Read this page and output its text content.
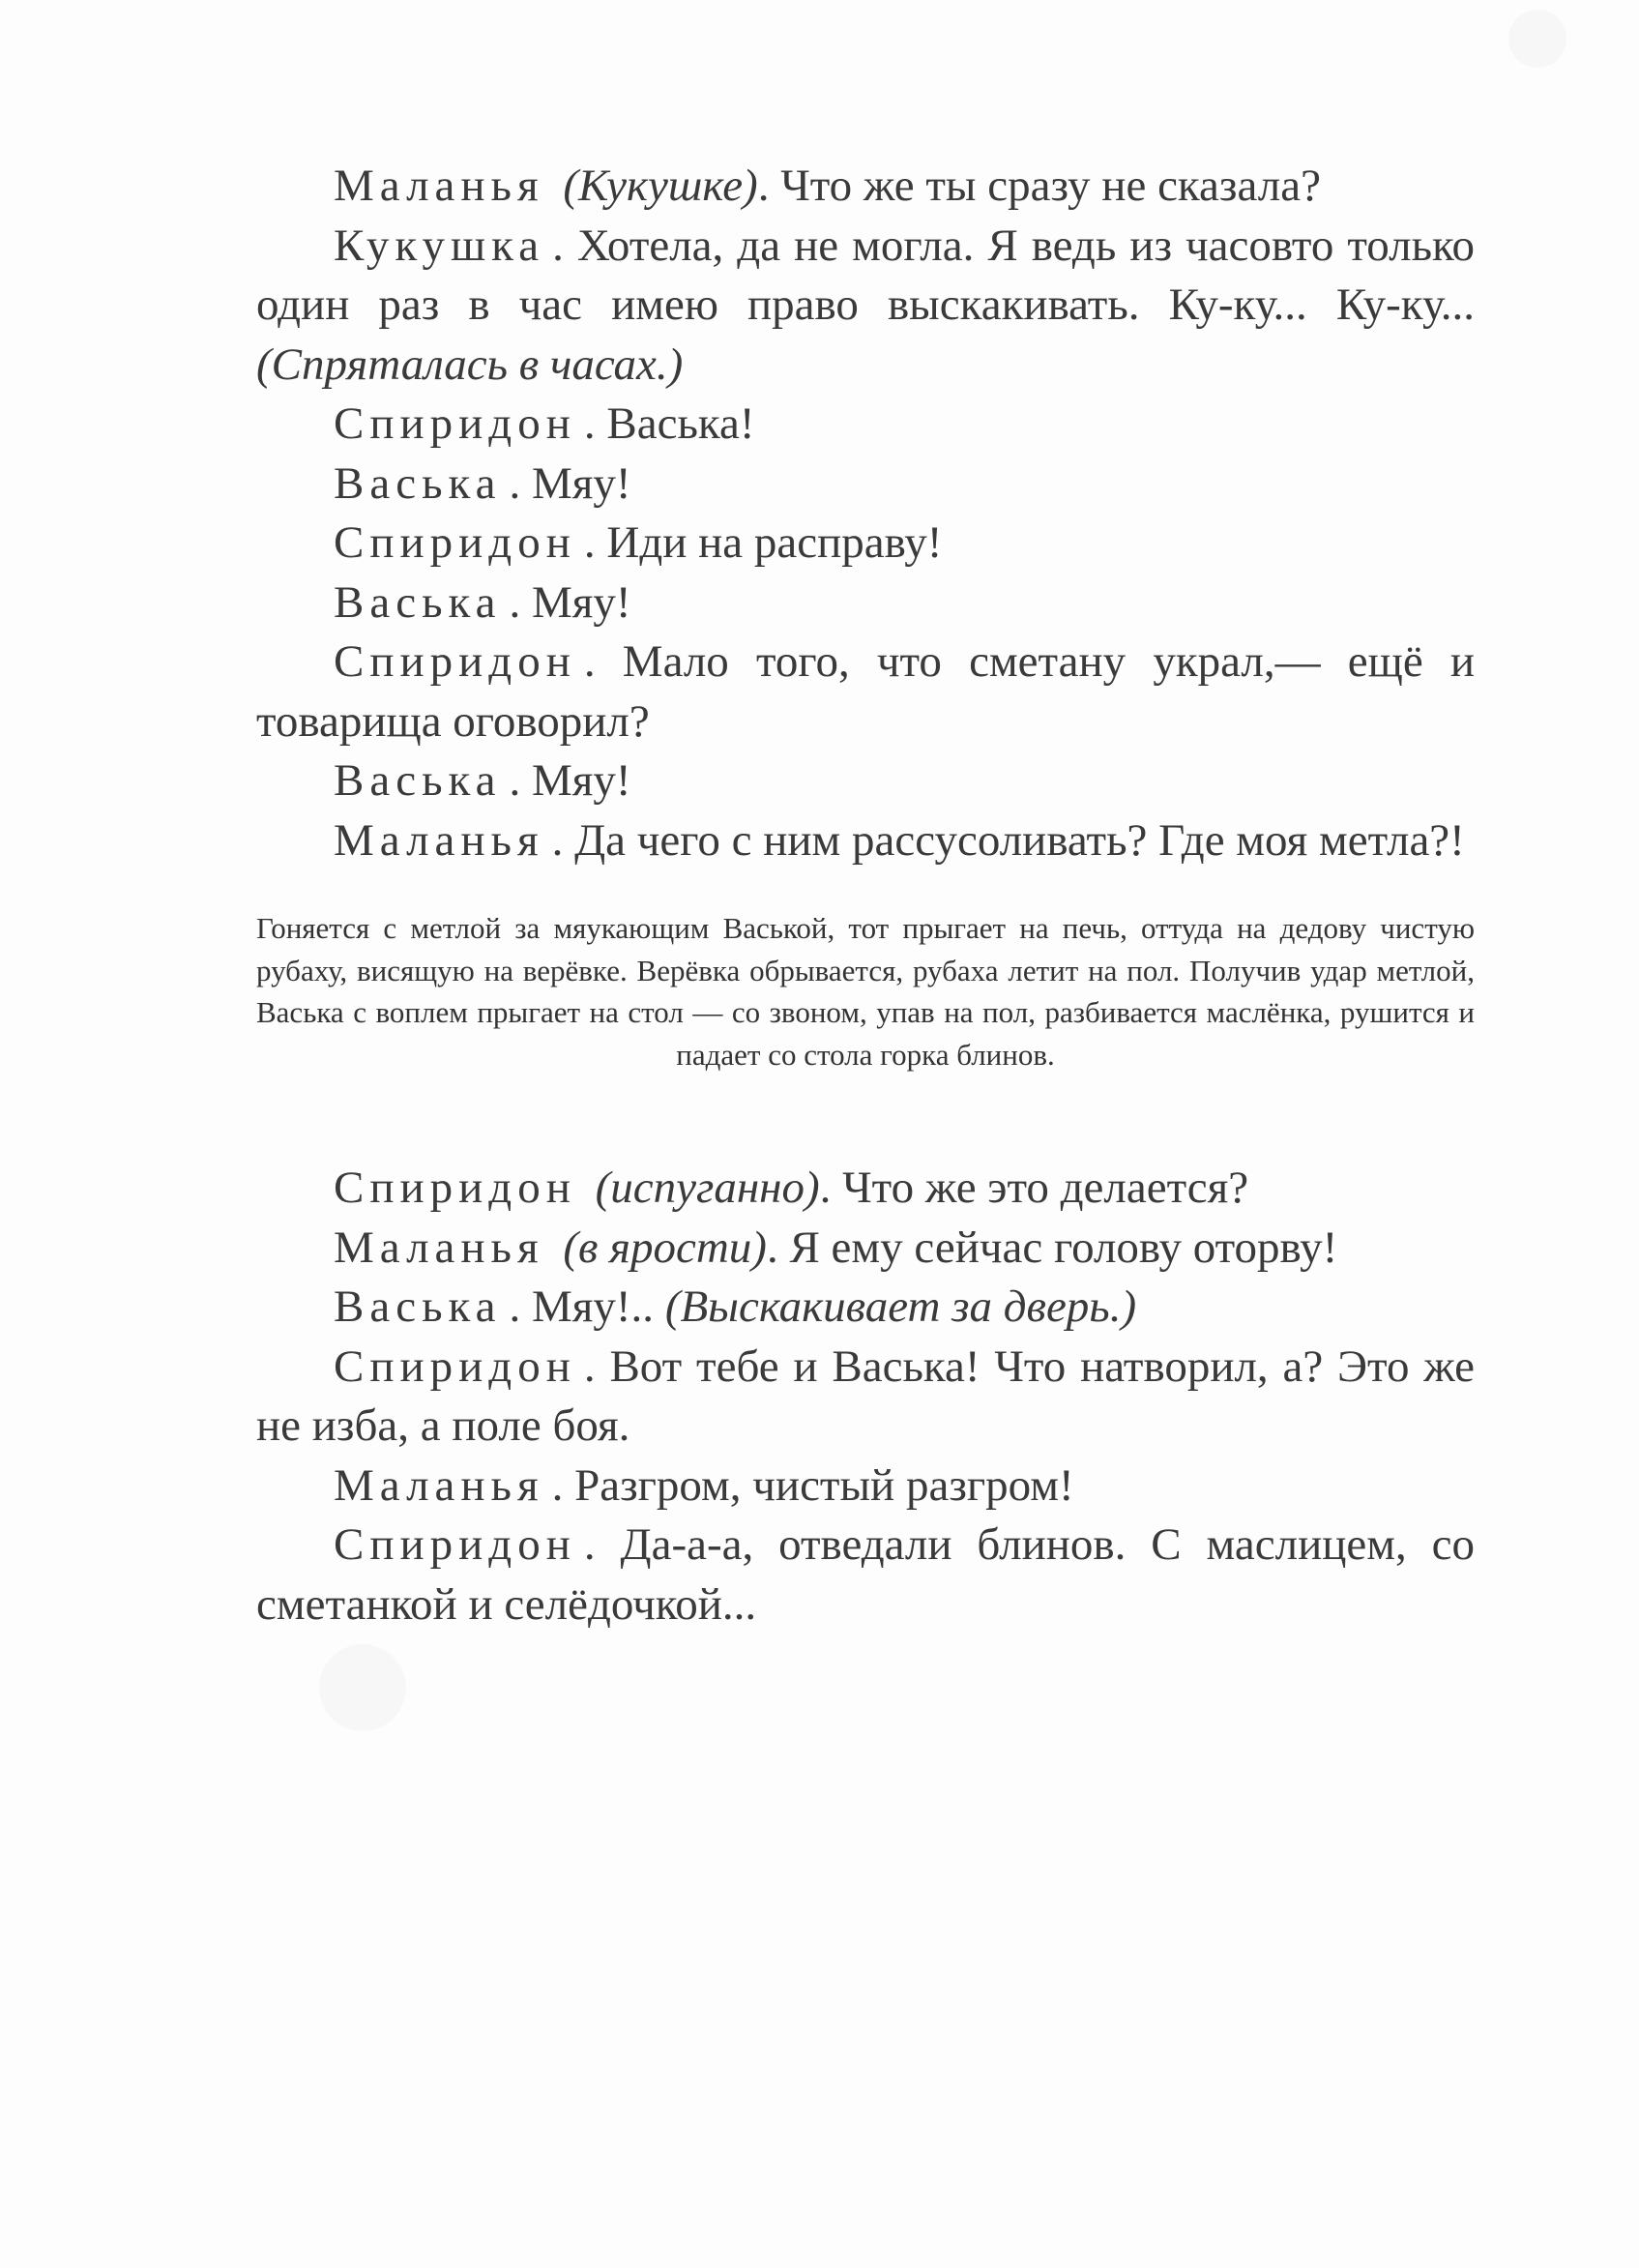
Маланья (Кукушке). Что же ты сразу не сказала?

Кукушка . Хотела, да не могла. Я ведь из часовто только один раз в час имею право выскакивать. Ку-ку... Ку-ку... (Спряталась в часах.)

Спиридон . Васька!

Васька . Мяу!

Спиридон . Иди на расправу!

Васька . Мяу!

Спиридон . Мало того, что сметану украл,— ещё и товарища оговорил?

Васька . Мяу!

Маланья . Да чего с ним рассусоливать? Где моя метла?!

Гоняется с метлой за мяукающим Васькой, тот прыгает на печь, оттуда на дедову чистую рубаху, висящую на верёвке. Верёвка обрывается, рубаха летит на пол. Получив удар метлой, Васька с воплем прыгает на стол — со звоном, упав на пол, разбивается маслёнка, рушится и падает со стола горка блинов.

Спиридон (испуганно). Что же это делается?

Маланья (в ярости). Я ему сейчас голову оторву!

Васька . Мяу!.. (Выскакивает за дверь.)

Спиридон . Вот тебе и Васька! Что натворил, а? Это же не изба, а поле боя.

Маланья . Разгром, чистый разгром!

Спиридон . Да-а-а, отведали блинов. С маслицем, со сметанкой и селёдочкой...
